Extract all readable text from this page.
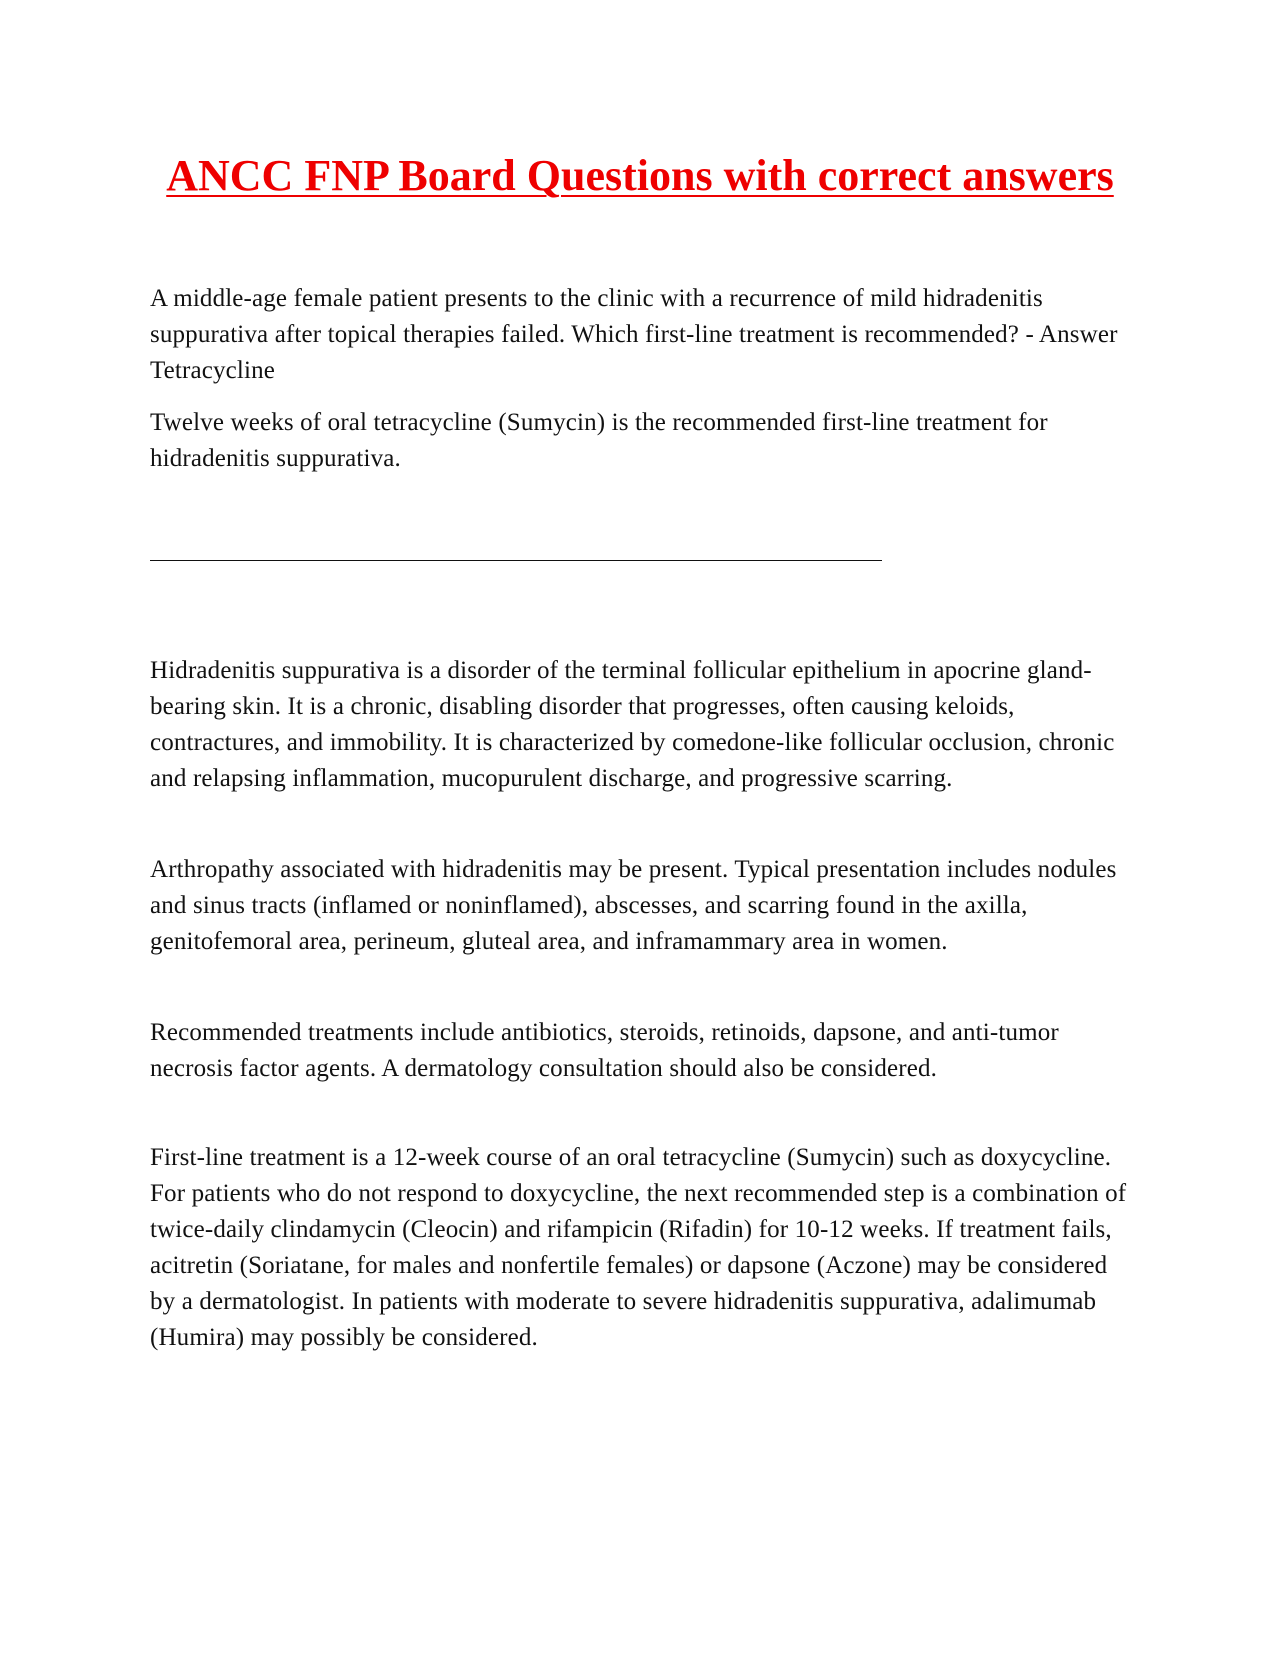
ANCC FNP Board Questions with correct answers

A middle-age female patient presents to the clinic with a recurrence of mild hidradenitis suppurativa after topical therapies failed. Which first-line treatment is recommended? - Answer Tetracycline

Twelve weeks of oral tetracycline (Sumycin) is the recommended first-line treatment for hidradenitis suppurativa.

Hidradenitis suppurativa is a disorder of the terminal follicular epithelium in apocrine gland-bearing skin. It is a chronic, disabling disorder that progresses, often causing keloids, contractures, and immobility. It is characterized by comedone-like follicular occlusion, chronic and relapsing inflammation, mucopurulent discharge, and progressive scarring.

Arthropathy associated with hidradenitis may be present. Typical presentation includes nodules and sinus tracts (inflamed or noninflamed), abscesses, and scarring found in the axilla, genitofemoral area, perineum, gluteal area, and inframammary area in women.

Recommended treatments include antibiotics, steroids, retinoids, dapsone, and anti-tumor necrosis factor agents. A dermatology consultation should also be considered.

First-line treatment is a 12-week course of an oral tetracycline (Sumycin) such as doxycycline. For patients who do not respond to doxycycline, the next recommended step is a combination of twice-daily clindamycin (Cleocin) and rifampicin (Rifadin) for 10-12 weeks. If treatment fails, acitretin (Soriatane, for males and nonfertile females) or dapsone (Aczone) may be considered by a dermatologist. In patients with moderate to severe hidradenitis suppurativa, adalimumab (Humira) may possibly be considered.
